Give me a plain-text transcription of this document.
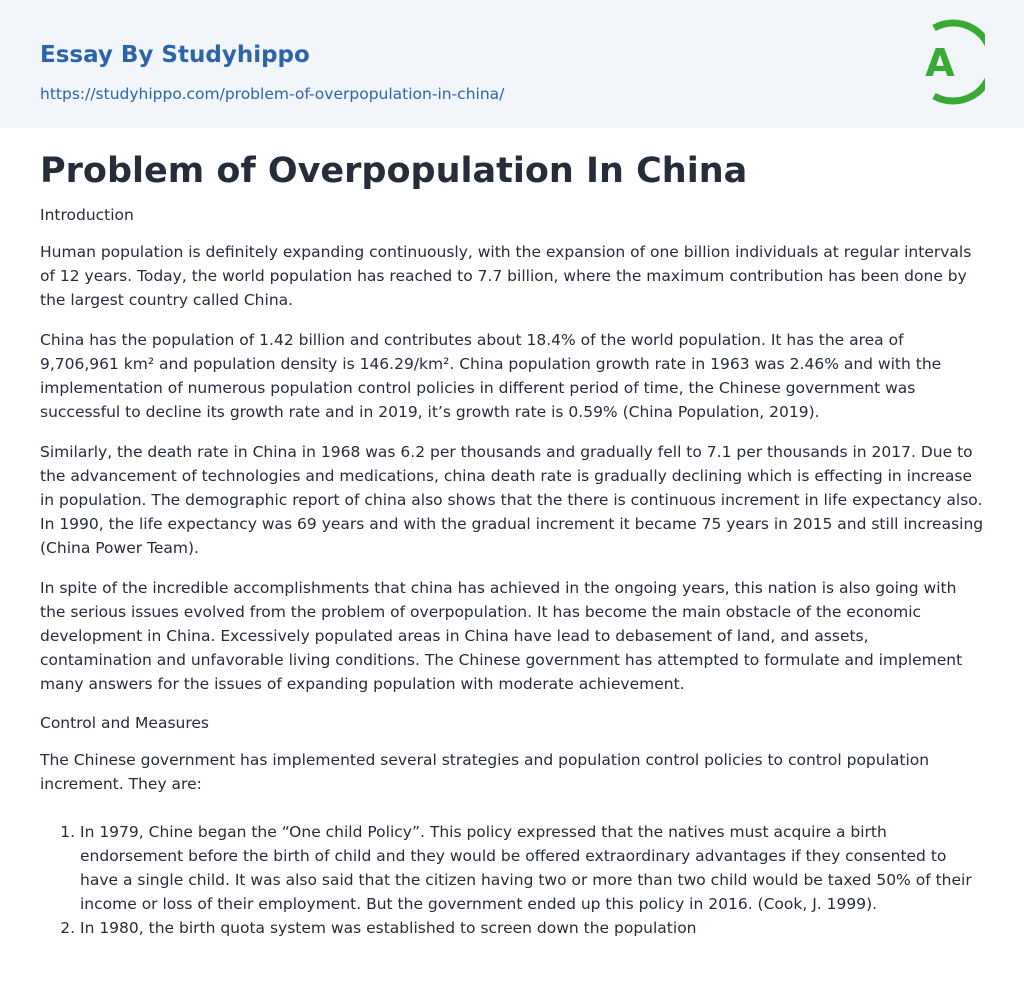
Essay By Studyhippo
https://studyhippo.com/problem-of-overpopulation-in-china/
A
Problem of Overpopulation In China
Introduction

Human population is definitely expanding continuously, with the expansion of one billion individuals at regular intervals of 12 years. Today, the world population has reached to 7.7 billion, where the maximum contribution has been done by the largest country called China.

China has the population of 1.42 billion and contributes about 18.4% of the world population. It has the area of 9,706,961 km² and population density is 146.29/km². China population growth rate in 1963 was 2.46% and with the implementation of numerous population control policies in different period of time, the Chinese government was successful to decline its growth rate and in 2019, it’s growth rate is 0.59% (China Population, 2019).

Similarly, the death rate in China in 1968 was 6.2 per thousands and gradually fell to 7.1 per thousands in 2017. Due to the advancement of technologies and medications, china death rate is gradually declining which is effecting in increase in population. The demographic report of china also shows that the there is continuous increment in life expectancy also. In 1990, the life expectancy was 69 years and with the gradual increment it became 75 years in 2015 and still increasing (China Power Team).

In spite of the incredible accomplishments that china has achieved in the ongoing years, this nation is also going with the serious issues evolved from the problem of overpopulation. It has become the main obstacle of the economic development in China. Excessively populated areas in China have lead to debasement of land, and assets, contamination and unfavorable living conditions. The Chinese government has attempted to formulate and implement many answers for the issues of expanding population with moderate achievement.

Control and Measures

The Chinese government has implemented several strategies and population control policies to control population increment. They are:

1. In 1979, Chine began the “One child Policy”. This policy expressed that the natives must acquire a birth endorsement before the birth of child and they would be offered extraordinary advantages if they consented to have a single child. It was also said that the citizen having two or more than two child would be taxed 50% of their income or loss of their employment. But the government ended up this policy in 2016. (Cook, J. 1999).
2. In 1980, the birth quota system was established to screen down the population
